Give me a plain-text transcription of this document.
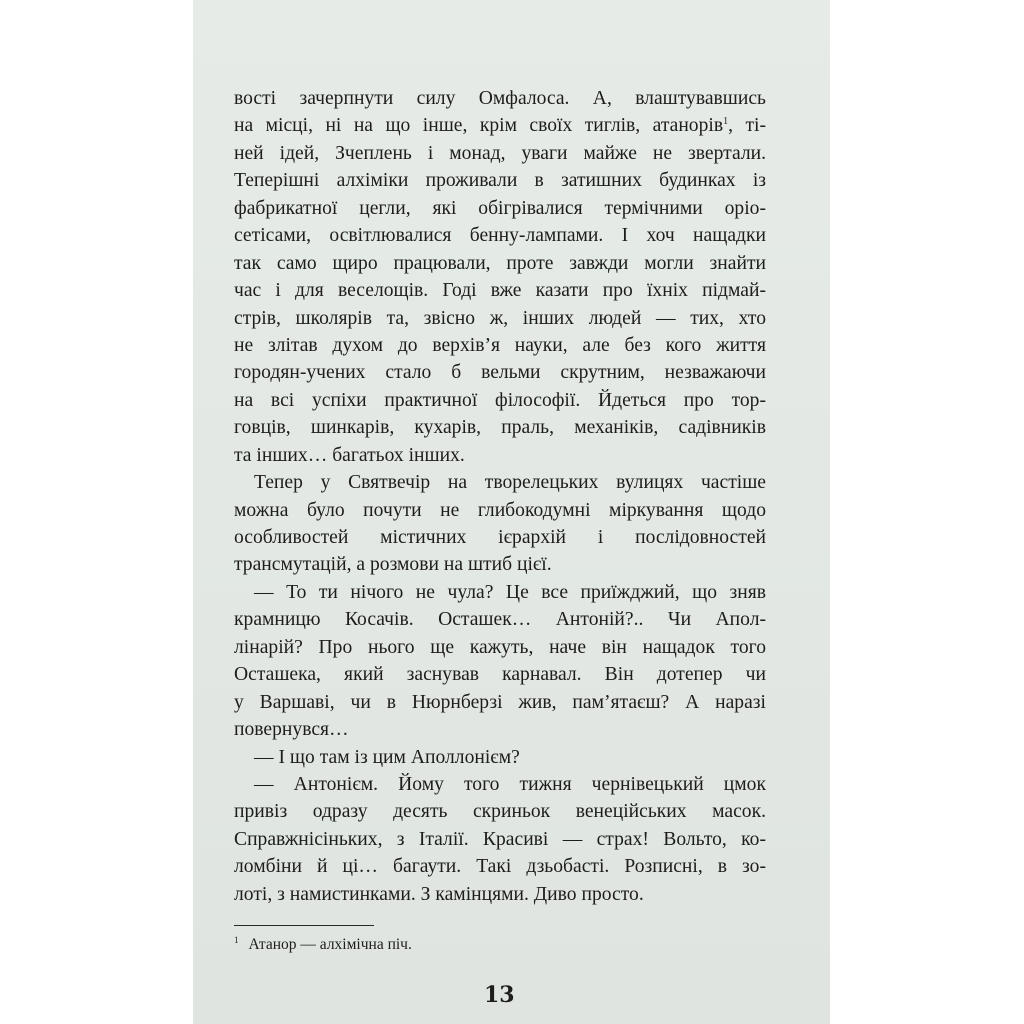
вості зачерпнути силу Омфалоса. А, влаштувавшись
на місці, ні на що інше, крім своїх тиглів, атанорів$^1$, ті-
ней ідей, Зчеплень і монад, уваги майже не звертали.
Теперішні алхіміки проживали в затишних будинках із
фабрикатної цегли, які обігрівалися термічними оріо-
сетісами, освітлювалися бенну-лампами. І хоч нащадки
так само щиро працювали, проте завжди могли знайти
час і для веселощів. Годі вже казати про їхніх підмай-
стрів, школярів та, звісно ж, інших людей — тих, хто
не злітав духом до верхів’я науки, але без кого життя
городян-учених стало б вельми скрутним, незважаючи
на всі успіхи практичної філософії. Йдеться про тор-
говців, шинкарів, кухарів, праль, механіків, садівників
та інших… багатьох інших.
Тепер у Святвечір на творелецьких вулицях частіше
можна було почути не глибокодумні міркування щодо
особливостей містичних ієрархій і послідовностей
трансмутацій, а розмови на штиб цієї.
— То ти нічого не чула? Це все приїжджий, що зняв
крамницю Косачів. Осташек… Антоній?.. Чи Апол-
лінарій? Про нього ще кажуть, наче він нащадок того
Осташека, який заснував карнавал. Він дотепер чи
у Варшаві, чи в Нюрнберзі жив, пам’ятаєш? А наразі
повернувся…
— І що там із цим Аполлонієм?
— Антонієм. Йому того тижня чернівецький цмок
привіз одразу десять скриньок венеційських масок.
Справжнісіньких, з Італії. Красиві — страх! Вольто, ко-
ломбіни й ці… багаути. Такі дзьобасті. Розписні, в зо-
лоті, з намистинками. З камінцями. Диво просто.
$^1$ Атанор — алхімічна піч.
13
